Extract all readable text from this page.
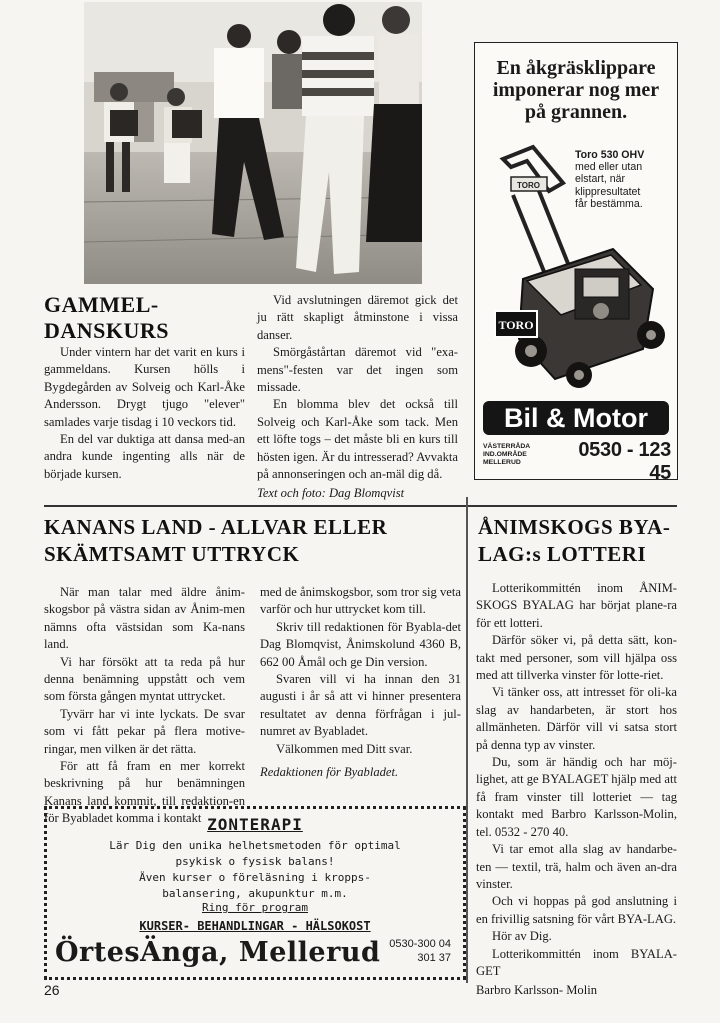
GAMMEL-
DANSKURS

Under vintern har det varit en kurs i gammeldans. Kursen hölls i Bygdegården av Solveig och Karl-Åke Andersson. Drygt tjugo "elever" samlades varje tisdag i 10 veckors tid.

En del var duktiga att dansa med-an andra kunde ingenting alls när de började kursen.

Vid avslutningen däremot gick det ju rätt skapligt åtminstone i vissa danser.

Smörgåstårtan däremot vid "exa-mens"-festen var det ingen som missade.

En blomma blev det också till Solveig och Karl-Åke som tack. Men ett löfte togs – det måste bli en kurs till hösten igen. Är du intresserad? Avvakta på annonseringen och an-mäl dig då.

Text och foto: Dag Blomqvist
En åkgräsklippare
imponerar nog mer
på grannen.
Toro 530 OHV
med eller utan
elstart, när
klippresultatet
får bestämma.
TORO
TORO
Bil & Motor
VÄSTERRÅDA IND.OMRÅDE
MELLERUD
0530 - 123 45
KANANS LAND - ALLVAR ELLER
SKÄMTSAMT UTTRYCK

När man talar med äldre ånim-skogsbor på västra sidan av Ånim-men nämns ofta västsidan som Ka-nans land.

Vi har försökt att ta reda på hur denna benämning uppstått och vem som första gången myntat uttrycket.

Tyvärr har vi inte lyckats. De svar som vi fått pekar på flera motive-ringar, men vilken är det rätta.

För att få fram en mer korrekt beskrivning på hur benämningen Kanans land kommit, till redaktion-en för Byabladet komma i kontakt

med de ånimskogsbor, som tror sig veta varför och hur uttrycket kom till.

Skriv till redaktionen för Byabla-det Dag Blomqvist, Ånimskolund 4360 B, 662 00 Åmål och ge Din version.

Svaren vill vi ha innan den 31 augusti i år så att vi hinner presentera resultatet av denna förfrågan i jul-numret av Byabladet.

Välkommen med Ditt svar.

Redaktionen för Byabladet.

ÅNIMSKOGS BYA-
LAG:s LOTTERI

Lotterikommittén inom ÅNIM-SKOGS BYALAG har börjat plane-ra för ett lotteri.

Därför söker vi, på detta sätt, kon-takt med personer, som vill hjälpa oss med att tillverka vinster för lotte-riet.

Vi tänker oss, att intresset för oli-ka slag av handarbeten, är stort hos allmänheten. Därför vill vi satsa stort på denna typ av vinster.

Du, som är händig och har möj-lighet, att ge BYALAGET hjälp med att få fram vinster till lotteriet — tag kontakt med Barbro Karlsson-Molin, tel. 0532 - 270 40.

Vi tar emot alla slag av handarbe-ten — textil, trä, halm och även an-dra vinster.

Och vi hoppas på god anslutning i en frivillig satsning för vårt BYA-LAG.

Hör av Dig.

Lotterikommittén inom BYALA-GET

Barbro Karlsson- Molin

ZONTERAPI
Lär Dig den unika helhetsmetoden för optimal
psykisk o fysisk balans!
Även kurser o föreläsning i kropps-
balansering, akupunktur m.m.
Ring för program
KURSER- BEHANDLINGAR - HÄLSOKOST
ÖrtesÄnga, Mellerud 0530-300 04
301 37
26
